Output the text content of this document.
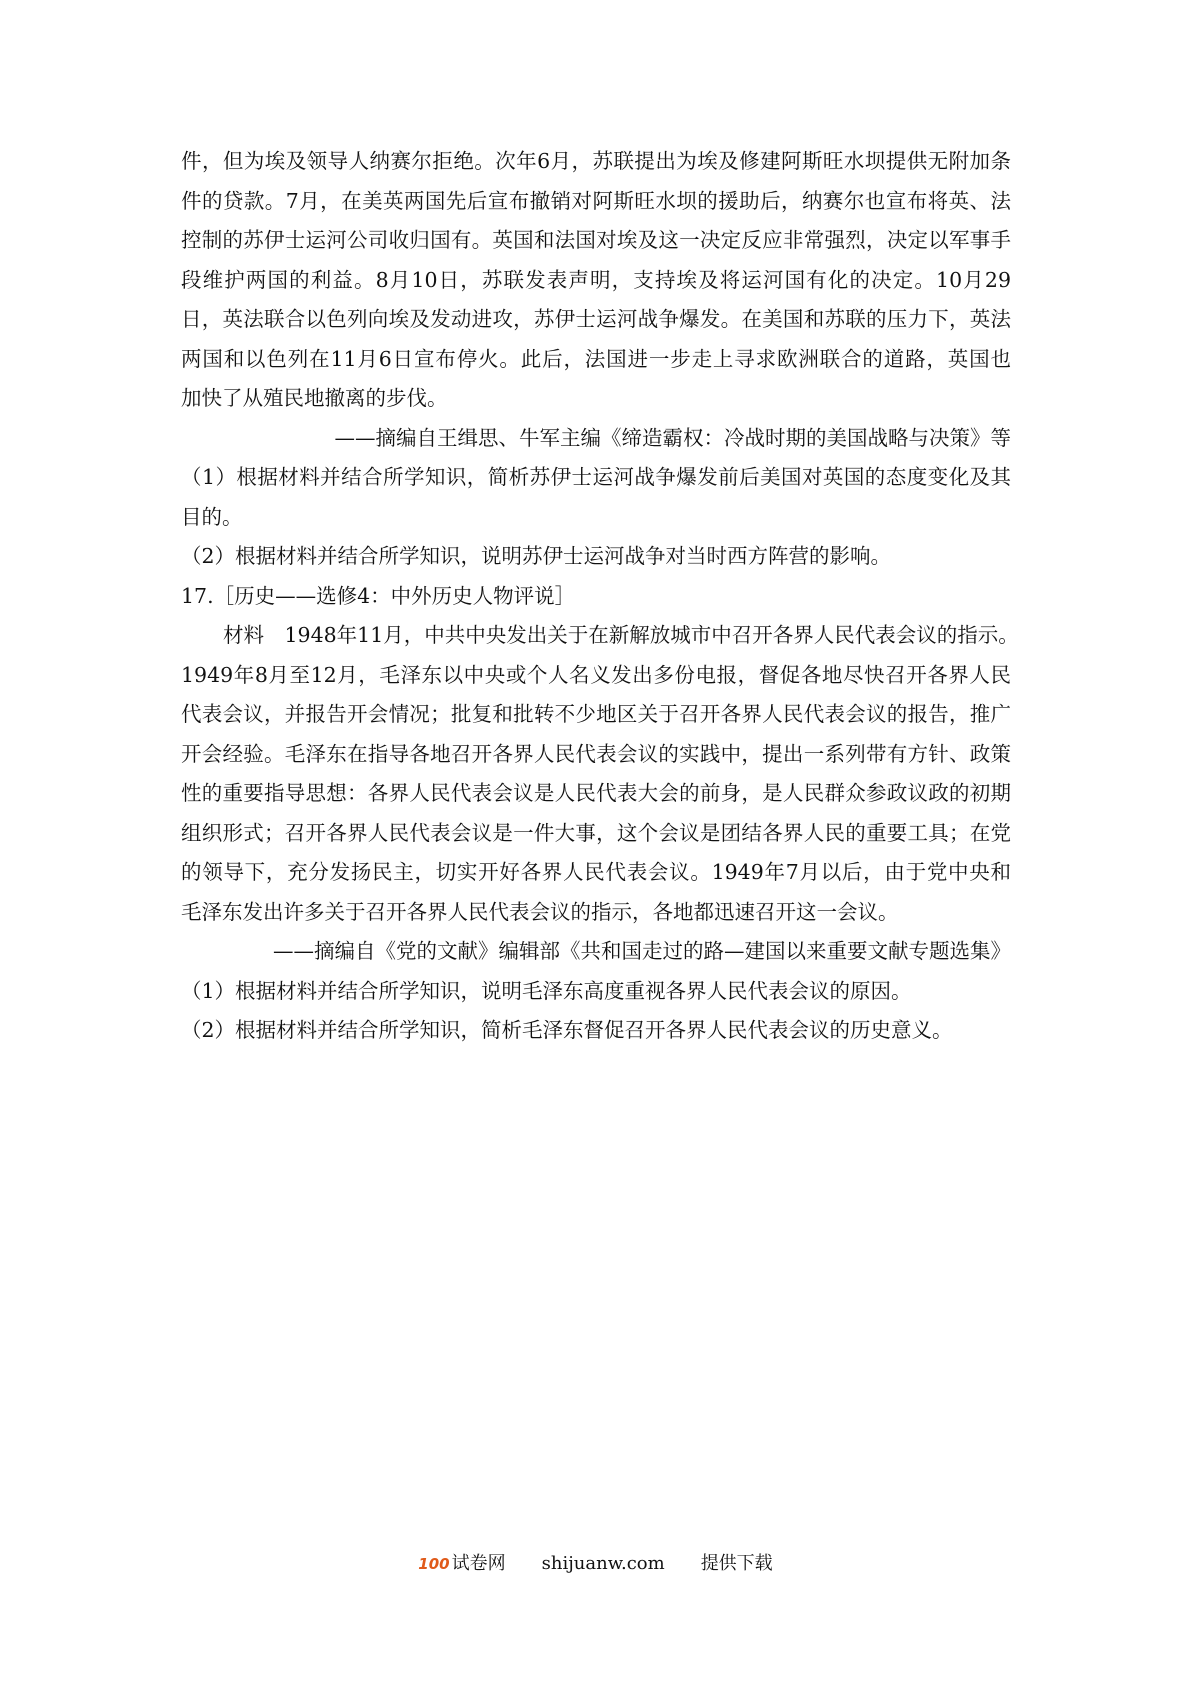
件，但为埃及领导人纳赛尔拒绝。次年6月，苏联提出为埃及修建阿斯旺水坝提供无附加条
件的贷款。7月，在美英两国先后宣布撤销对阿斯旺水坝的援助后，纳赛尔也宣布将英、法
控制的苏伊士运河公司收归国有。英国和法国对埃及这一决定反应非常强烈，决定以军事手
段维护两国的利益。8月10日，苏联发表声明，支持埃及将运河国有化的决定。10月29
日，英法联合以色列向埃及发动进攻，苏伊士运河战争爆发。在美国和苏联的压力下，英法
两国和以色列在11月6日宣布停火。此后，法国进一步走上寻求欧洲联合的道路，英国也
加快了从殖民地撤离的步伐。
——摘编自王缉思、牛军主编《缔造霸权：冷战时期的美国战略与决策》等
（1）根据材料并结合所学知识，简析苏伊士运河战争爆发前后美国对英国的态度变化及其
目的。
（2）根据材料并结合所学知识，说明苏伊士运河战争对当时西方阵营的影响。
17.［历史——选修4：中外历史人物评说］
材料　1948年11月，中共中央发出关于在新解放城市中召开各界人民代表会议的指示。
1949年8月至12月，毛泽东以中央或个人名义发出多份电报，督促各地尽快召开各界人民
代表会议，并报告开会情况；批复和批转不少地区关于召开各界人民代表会议的报告，推广
开会经验。毛泽东在指导各地召开各界人民代表会议的实践中，提出一系列带有方针、政策
性的重要指导思想：各界人民代表会议是人民代表大会的前身，是人民群众参政议政的初期
组织形式；召开各界人民代表会议是一件大事，这个会议是团结各界人民的重要工具；在党
的领导下，充分发扬民主，切实开好各界人民代表会议。1949年7月以后，由于党中央和
毛泽东发出许多关于召开各界人民代表会议的指示，各地都迅速召开这一会议。
——摘编自《党的文献》编辑部《共和国走过的路—建国以来重要文献专题选集》
（1）根据材料并结合所学知识，说明毛泽东高度重视各界人民代表会议的原因。
（2）根据材料并结合所学知识，简析毛泽东督促召开各界人民代表会议的历史意义。
100 试卷网 shijuanw.com 提供下载
